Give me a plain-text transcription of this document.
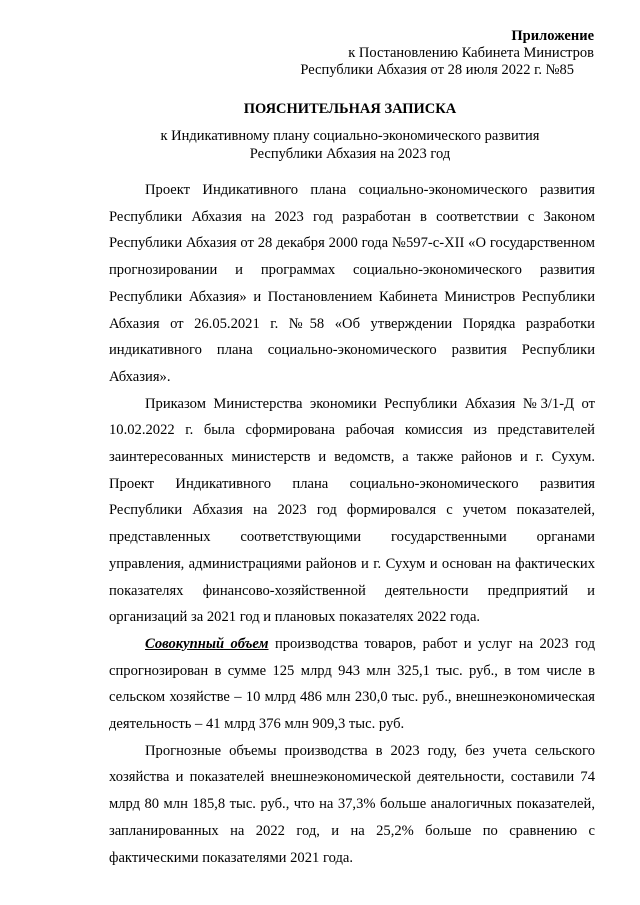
Приложение
к Постановлению Кабинета Министров
Республики Абхазия от 28 июля 2022 г. №85
ПОЯСНИТЕЛЬНАЯ ЗАПИСКА
к Индикативному плану социально-экономического развития
Республики Абхазия на 2023 год

Проект Индикативного плана социально-экономического развития Республики Абхазия на 2023 год разработан в соответствии с Законом Республики Абхазия от 28 декабря 2000 года №597-с-XII «О государственном прогнозировании и программах социально-экономического развития Республики Абхазия» и Постановлением Кабинета Министров Республики Абхазия от 26.05.2021 г. №58 «Об утверждении Порядка разработки индикативного плана социально-экономического развития Республики Абхазия».

Приказом Министерства экономики Республики Абхазия №3/1-Д от 10.02.2022 г. была сформирована рабочая комиссия из представителей заинтересованных министерств и ведомств, а также районов и г. Сухум. Проект Индикативного плана социально-экономического развития Республики Абхазия на 2023 год формировался с учетом показателей, представленных соответствующими государственными органами управления, администрациями районов и г. Сухум и основан на фактических показателях финансово-хозяйственной деятельности предприятий и организаций за 2021 год и плановых показателях 2022 года.

Совокупный объем производства товаров, работ и услуг на 2023 год спрогнозирован в сумме 125 млрд 943 млн 325,1 тыс. руб., в том числе в сельском хозяйстве – 10 млрд 486 млн 230,0 тыс. руб., внешнеэкономическая деятельность – 41 млрд 376 млн 909,3 тыс. руб.

Прогнозные объемы производства в 2023 году, без учета сельского хозяйства и показателей внешнеэкономической деятельности, составили 74 млрд 80 млн 185,8 тыс. руб., что на 37,3% больше аналогичных показателей, запланированных на 2022 год, и на 25,2% больше по сравнению с фактическими показателями 2021 года.
